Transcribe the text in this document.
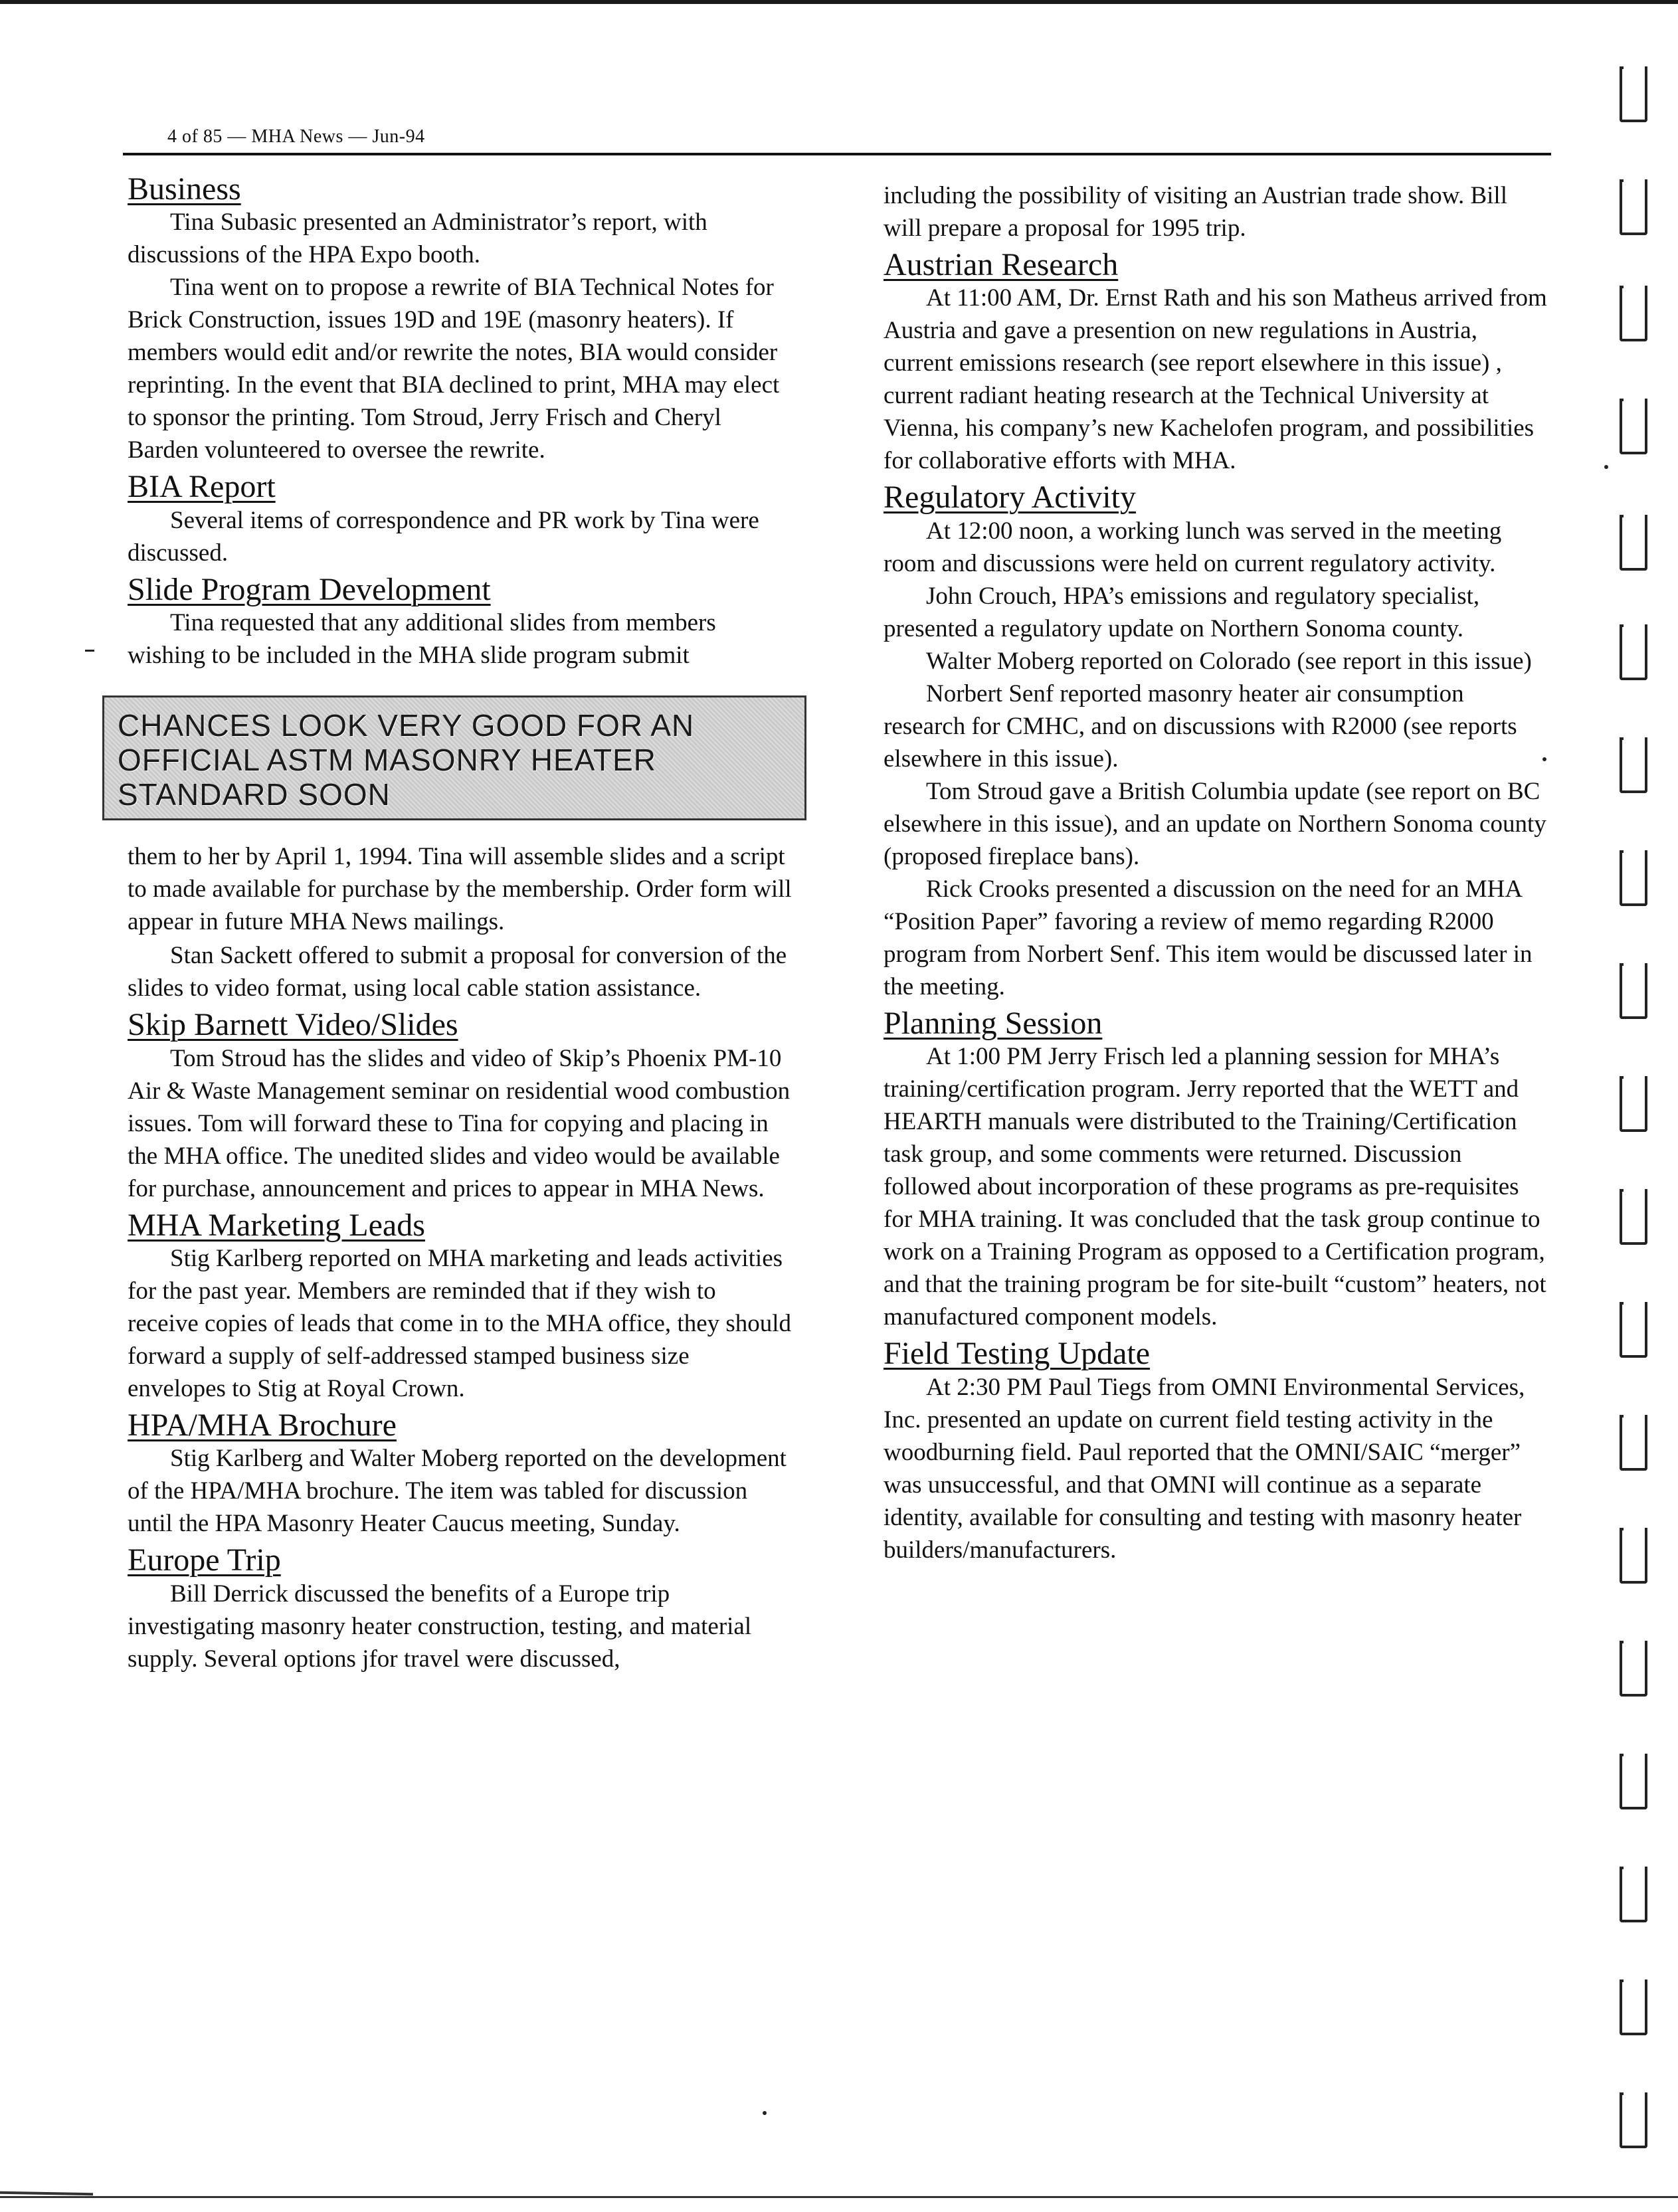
4 of 85 — MHA News — Jun-94
Business

Tina Subasic presented an Administrator’s report, with discussions of the HPA Expo booth.

Tina went on to propose a rewrite of BIA Technical Notes for Brick Construction, issues 19D and 19E (masonry heaters). If members would edit and/or rewrite the notes, BIA would consider reprinting. In the event that BIA declined to print, MHA may elect to sponsor the printing. Tom Stroud, Jerry Frisch and Cheryl Barden volunteered to oversee the rewrite.

BIA Report

Several items of correspondence and PR work by Tina were discussed.

Slide Program Development

Tina requested that any additional slides from members wishing to be included in the MHA slide program submit

CHANCES LOOK VERY GOOD FOR AN
OFFICIAL ASTM MASONRY HEATER
STANDARD SOON

them to her by April 1, 1994. Tina will assemble slides and a script to made available for purchase by the membership. Order form will appear in future MHA News mailings.

Stan Sackett offered to submit a proposal for conversion of the slides to video format, using local cable station assistance.

Skip Barnett Video/Slides

Tom Stroud has the slides and video of Skip’s Phoenix PM-10 Air & Waste Management seminar on residential wood combustion issues. Tom will forward these to Tina for copying and placing in the MHA office. The unedited slides and video would be available for purchase, announcement and prices to appear in MHA News.

MHA Marketing Leads

Stig Karlberg reported on MHA marketing and leads activities for the past year. Members are reminded that if they wish to receive copies of leads that come in to the MHA office, they should forward a supply of self-addressed stamped business size envelopes to Stig at Royal Crown.

HPA/MHA Brochure

Stig Karlberg and Walter Moberg reported on the development of the HPA/MHA brochure. The item was tabled for discussion until the HPA Masonry Heater Caucus meeting, Sunday.

Europe Trip

Bill Derrick discussed the benefits of a Europe trip investigating masonry heater construction, testing, and material supply. Several options jfor travel were discussed,

including the possibility of visiting an Austrian trade show. Bill will prepare a proposal for 1995 trip.

Austrian Research

At 11:00 AM, Dr. Ernst Rath and his son Matheus arrived from Austria and gave a presention on new regulations in Austria, current emissions research (see report elsewhere in this issue) , current radiant heating research at the Technical University at Vienna, his company’s new Kachelofen program, and possibilities for collaborative efforts with MHA.

Regulatory Activity

At 12:00 noon, a working lunch was served in the meeting room and discussions were held on current regulatory activity.

John Crouch, HPA’s emissions and regulatory specialist, presented a regulatory update on Northern Sonoma county.

Walter Moberg reported on Colorado (see report in this issue)

Norbert Senf reported masonry heater air consumption research for CMHC, and on discussions with R2000 (see reports elsewhere in this issue).

Tom Stroud gave a British Columbia update (see report on BC elsewhere in this issue), and an update on Northern Sonoma county (proposed fireplace bans).

Rick Crooks presented a discussion on the need for an MHA “Position Paper” favoring a review of memo regarding R2000 program from Norbert Senf. This item would be discussed later in the meeting.

Planning Session

At 1:00 PM Jerry Frisch led a planning session for MHA’s training/certification program. Jerry reported that the WETT and HEARTH manuals were distributed to the Training/Certification task group, and some comments were returned. Discussion followed about incorporation of these programs as pre-requisites for MHA training. It was concluded that the task group continue to work on a Training Program as opposed to a Certification program, and that the training program be for site-built “custom” heaters, not manufactured component models.

Field Testing Update

At 2:30 PM Paul Tiegs from OMNI Environmental Services, Inc. presented an update on current field testing activity in the woodburning field. Paul reported that the OMNI/SAIC “merger” was unsuccessful, and that OMNI will continue as a separate identity, available for consulting and testing with masonry heater builders/manufacturers.
